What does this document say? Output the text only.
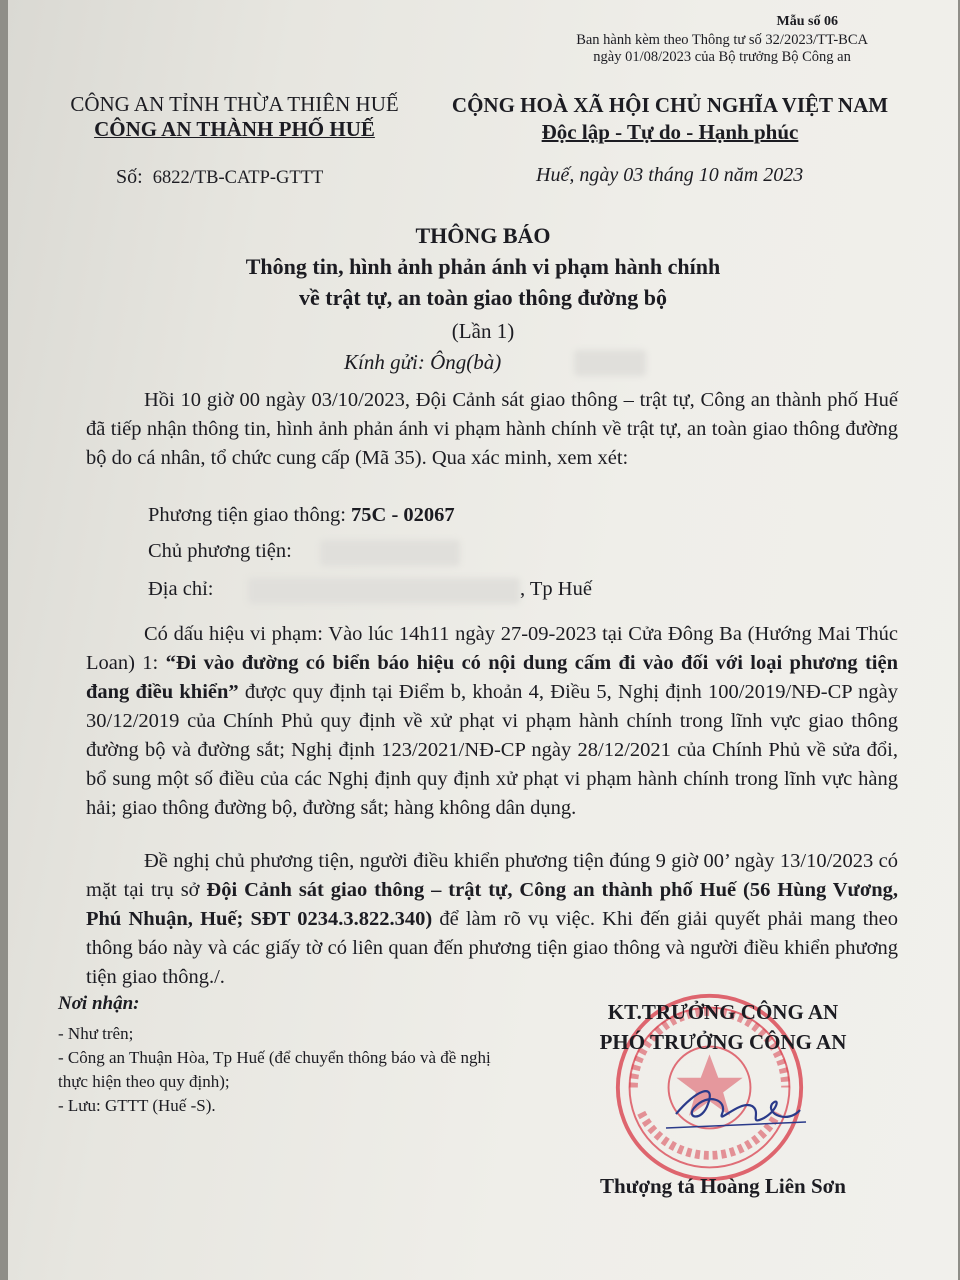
Mẫu số 06
Ban hành kèm theo Thông tư số 32/2023/TT-BCA
ngày 01/08/2023 của Bộ trưởng Bộ Công an
CÔNG AN TỈNH THỪA THIÊN HUẾ
CÔNG AN THÀNH PHỐ HUẾ
CỘNG HOÀ XÃ HỘI CHỦ NGHĨA VIỆT NAM
Độc lập - Tự do - Hạnh phúc
Số: 6822/TB-CATP-GTTT	Huế, ngày 03 tháng 10 năm 2023
THÔNG BÁO
Thông tin, hình ảnh phản ánh vi phạm hành chính
về trật tự, an toàn giao thông đường bộ
(Lần 1)
Kính gửi: Ông(bà)

Hồi 10 giờ 00 ngày 03/10/2023, Đội Cảnh sát giao thông – trật tự, Công an thành phố Huế đã tiếp nhận thông tin, hình ảnh phản ánh vi phạm hành chính về trật tự, an toàn giao thông đường bộ do cá nhân, tổ chức cung cấp (Mã 35). Qua xác minh, xem xét:

Phương tiện giao thông: 75C - 02067
Chủ phương tiện:
Địa chỉ:	, Tp Huế

Có dấu hiệu vi phạm: Vào lúc 14h11 ngày 27-09-2023 tại Cửa Đông Ba (Hướng Mai Thúc Loan) 1: “Đi vào đường có biển báo hiệu có nội dung cấm đi vào đối với loại phương tiện đang điều khiển” được quy định tại Điểm b, khoản 4, Điều 5, Nghị định 100/2019/NĐ-CP ngày 30/12/2019 của Chính Phủ quy định về xử phạt vi phạm hành chính trong lĩnh vực giao thông đường bộ và đường sắt; Nghị định 123/2021/NĐ-CP ngày 28/12/2021 của Chính Phủ về sửa đổi, bổ sung một số điều của các Nghị định quy định xử phạt vi phạm hành chính trong lĩnh vực hàng hải; giao thông đường bộ, đường sắt; hàng không dân dụng.

Đề nghị chủ phương tiện, người điều khiển phương tiện đúng 9 giờ 00’ ngày 13/10/2023 có mặt tại trụ sở Đội Cảnh sát giao thông – trật tự, Công an thành phố Huế (56 Hùng Vương, Phú Nhuận, Huế; SĐT 0234.3.822.340) để làm rõ vụ việc. Khi đến giải quyết phải mang theo thông báo này và các giấy tờ có liên quan đến phương tiện giao thông và người điều khiển phương tiện giao thông./.

Nơi nhận:
- Như trên;
- Công an Thuận Hòa, Tp Huế (để chuyển thông báo và đề nghị thực hiện theo quy định);
- Lưu: GTTT (Huế -S).
KT.TRƯỞNG CÔNG AN
PHÓ TRƯỞNG CÔNG AN
Thượng tá Hoàng Liên Sơn
